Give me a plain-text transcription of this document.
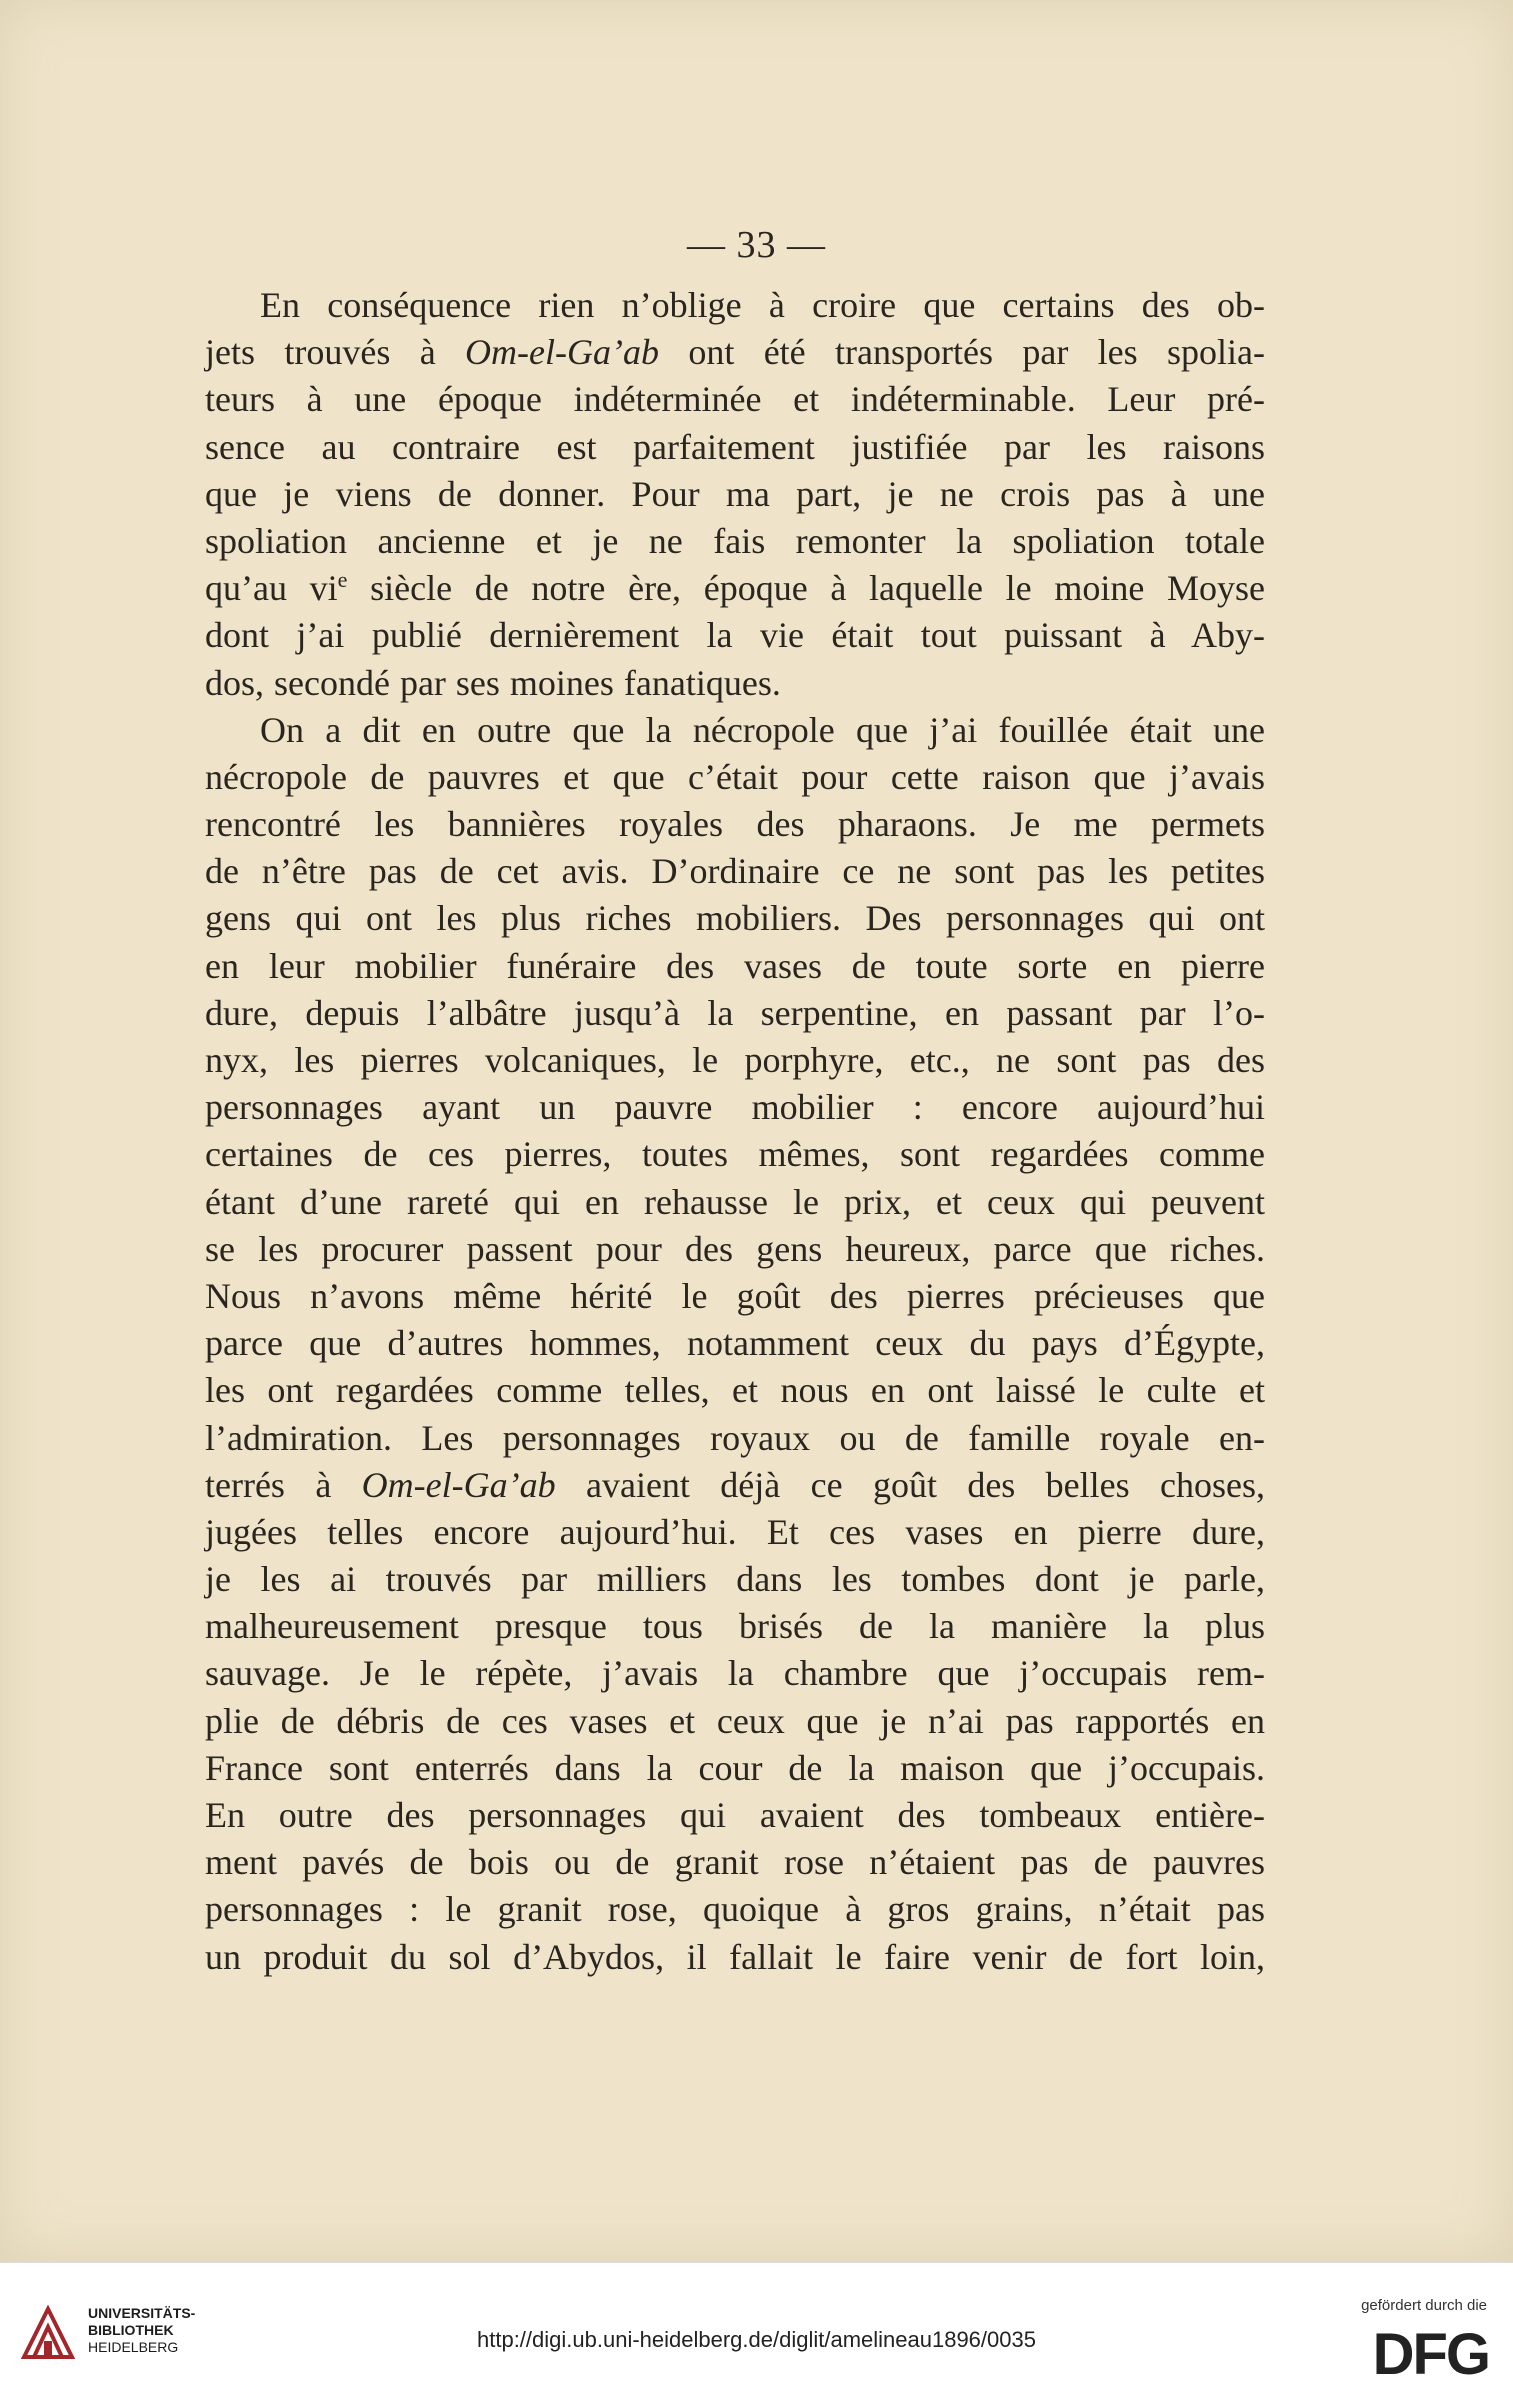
— 33 —
En conséquence rien n’oblige à croire que certains des ob-
jets trouvés à Om-el-Ga’ab ont été transportés par les spolia-
teurs à une époque indéterminée et indéterminable. Leur pré-
sence au contraire est parfaitement justifiée par les raisons
que je viens de donner. Pour ma part, je ne crois pas à une
spoliation ancienne et je ne fais remonter la spoliation totale
qu’au $vi^e$ siècle de notre ère, époque à laquelle le moine Moyse
dont j’ai publié dernièrement la vie était tout puissant à Aby-
dos, secondé par ses moines fanatiques.
On a dit en outre que la nécropole que j’ai fouillée était une
nécropole de pauvres et que c’était pour cette raison que j’avais
rencontré les bannières royales des pharaons. Je me permets
de n’être pas de cet avis. D’ordinaire ce ne sont pas les petites
gens qui ont les plus riches mobiliers. Des personnages qui ont
en leur mobilier funéraire des vases de toute sorte en pierre
dure, depuis l’albâtre jusqu’à la serpentine, en passant par l’o-
nyx, les pierres volcaniques, le porphyre, etc., ne sont pas des
personnages ayant un pauvre mobilier : encore aujourd’hui
certaines de ces pierres, toutes mêmes, sont regardées comme
étant d’une rareté qui en rehausse le prix, et ceux qui peuvent
se les procurer passent pour des gens heureux, parce que riches.
Nous n’avons même hérité le goût des pierres précieuses que
parce que d’autres hommes, notamment ceux du pays d’Égypte,
les ont regardées comme telles, et nous en ont laissé le culte et
l’admiration. Les personnages royaux ou de famille royale en-
terrés à Om-el-Ga’ab avaient déjà ce goût des belles choses,
jugées telles encore aujourd’hui. Et ces vases en pierre dure,
je les ai trouvés par milliers dans les tombes dont je parle,
malheureusement presque tous brisés de la manière la plus
sauvage. Je le répète, j’avais la chambre que j’occupais rem-
plie de débris de ces vases et ceux que je n’ai pas rapportés en
France sont enterrés dans la cour de la maison que j’occupais.
En outre des personnages qui avaient des tombeaux entière-
ment pavés de bois ou de granit rose n’étaient pas de pauvres
personnages : le granit rose, quoique à gros grains, n’était pas
un produit du sol d’Abydos, il fallait le faire venir de fort loin,
UNIVERSITÄTS-
BIBLIOTHEK
HEIDELBERG	http://digi.ub.uni-heidelberg.de/diglit/amelineau1896/0035
gefördert durch die
DFG
